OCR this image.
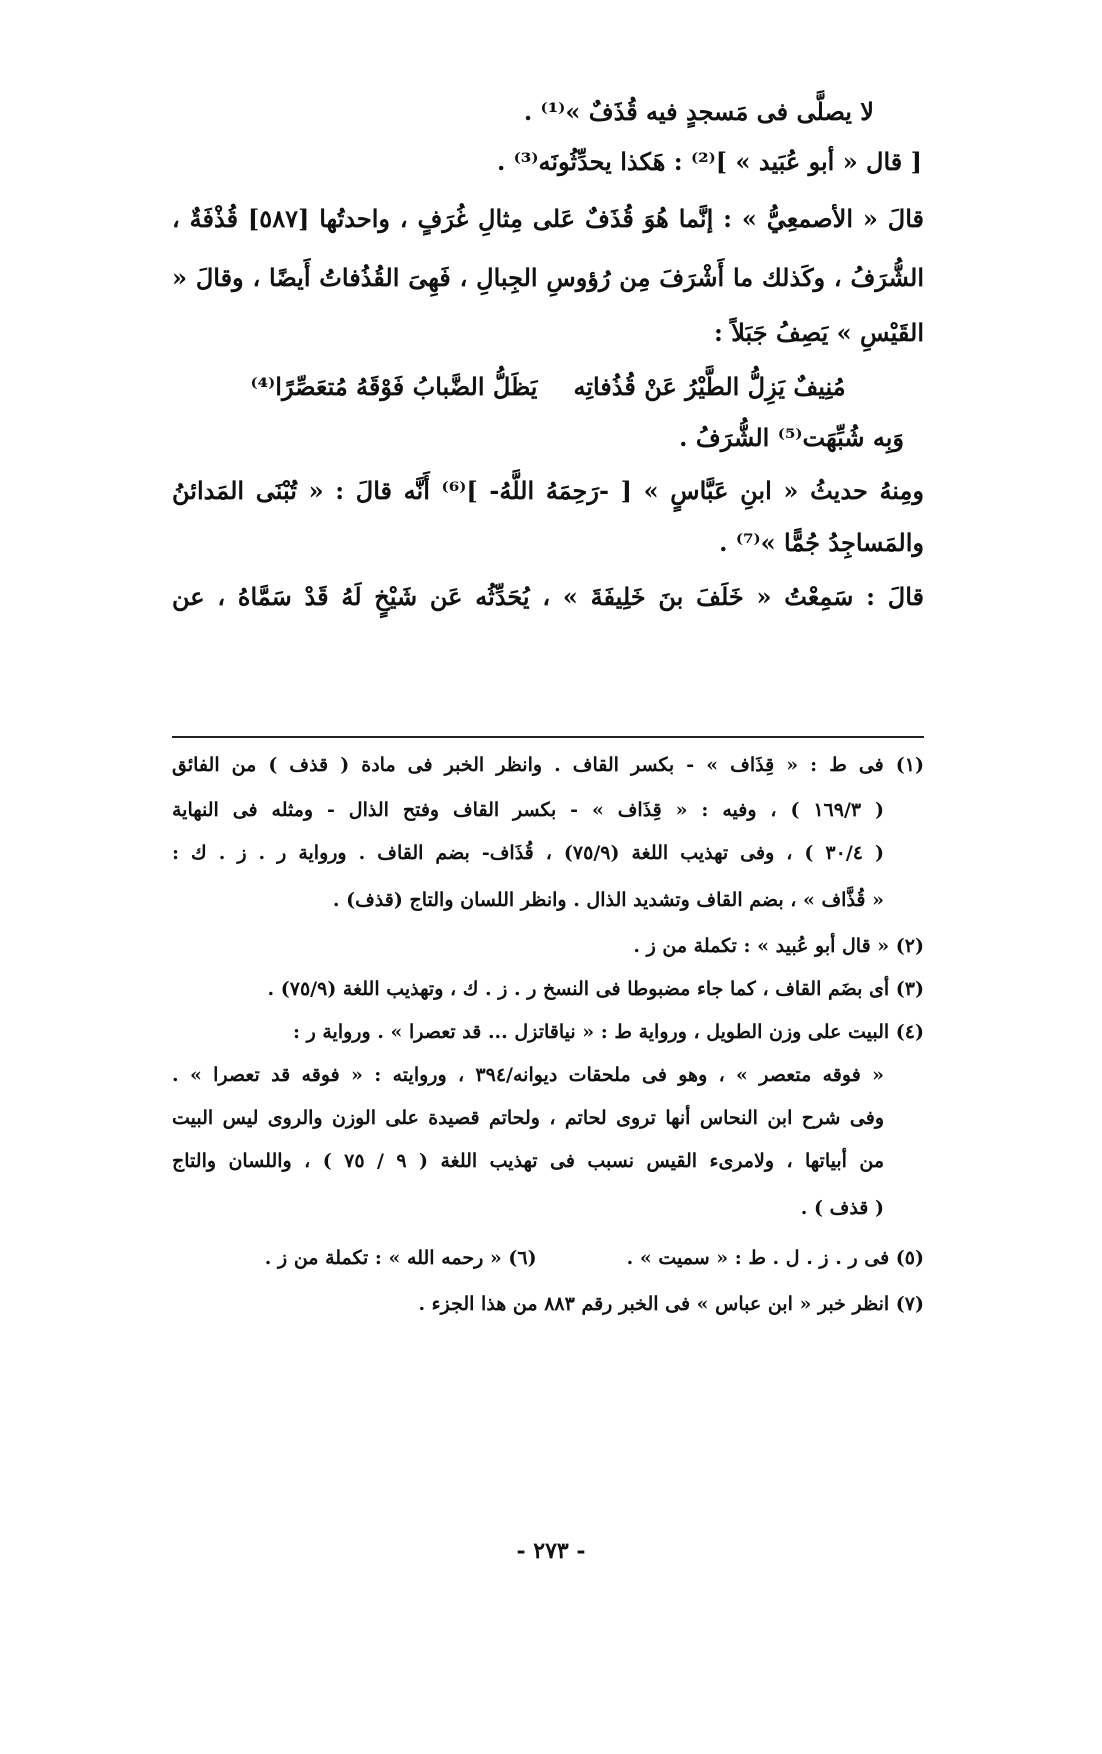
لا يصلَّى فى مَسجدٍ فيه قُذَفٌ »⁽¹⁾ .
[ قال « أبو عُبَيد » ]⁽²⁾ : هَكذا يحدِّثُونَه⁽³⁾ .
قالَ « الأصمعِيُّ » : إنَّما هُوَ قُذَفٌ عَلى مِثالِ غُرَفٍ ، واحدتُها [٥٨٧] قُذْفَةٌ ،
الشُّرَفُ ، وكَذلك ما أَشْرَفَ مِن رُؤوسِ الجِبالِ ، فَهِىَ القُذُفاتُ أَيضًا ، وقالَ «
القَيْسِ » يَصِفُ جَبَلاً :
مُنِيفٌ يَزِلُّ الطَّيْرُ عَنْ قُذُفاتِه
يَظَلُّ الضَّبابُ فَوْقَهُ مُتعَصِّرًا⁽⁴⁾
وَبِه شُبِّهَت⁽⁵⁾ الشُّرَفُ .
ومِنهُ حديثُ « ابنِ عَبَّاسٍ » [ -رَحِمَهُ اللَّهُ- ]⁽⁶⁾ أَنَّه قالَ : « تُبْنَى المَدائنُ
والمَساجِدُ جُمًّا »⁽⁷⁾ .
قالَ : سَمِعْتُ « خَلَفَ بنَ خَلِيفَةَ » ، يُحَدِّثُه عَن شَيْخٍ لَهُ قَدْ سَمَّاهُ ، عن
(١) فى ط : « قِذَاف » - بكسر القاف . وانظر الخبر فى مادة ( قذف ) من الفائق
( ١٦٩/٣ ) ، وفيه : « قِذَاف » - بكسر القاف وفتح الذال - ومثله فى النهاية
( ٣٠/٤ ) ، وفى تهذيب اللغة (٧٥/٩) ، قُذَاف- بضم القاف . ورواية ر . ز . ك :
« قُذَّاف » ، بضم القاف وتشديد الذال . وانظر اللسان والتاج (قذف) .
(٢) « قال أبو عُبيد » : تكملة من ز .
(٣) أى بضَم القاف ، كما جاء مضبوطا فى النسخ ر . ز . ك ، وتهذيب اللغة (٧٥/٩) .
(٤) البيت على وزن الطويل ، ورواية ط : « نياقاتزل ... قد تعصرا » . ورواية ر :
« فوقه متعصر » ، وهو فى ملحقات ديوانه/٣٩٤ ، وروايته : « فوقه قد تعصرا » .
وفى شرح ابن النحاس أنها تروى لحاتم ، ولحاتم قصيدة على الوزن والروى ليس البيت
من أبياتها ، ولامرىء القيس نسبب فى تهذيب اللغة ( ٩ / ٧٥ ) ، واللسان والتاج
( قذف ) .
(٥) فى ر . ز . ل . ط : « سميت » .
(٦) « رحمه الله » : تكملة من ز .
(٧) انظر خبر « ابن عباس » فى الخبر رقم ٨٨٣ من هذا الجزء .
- ٢٧٣ -
